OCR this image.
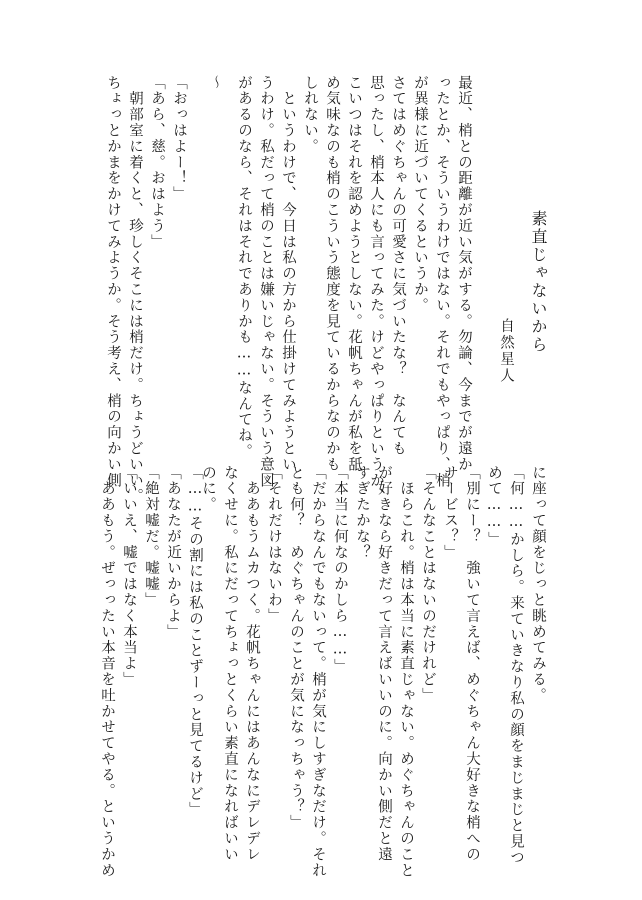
素直じゃないから
自然星人
最近、梢との距離が近い気がする。勿論、今までが遠か
ったとか、そういうわけではない。それでもやっぱり、梢
が異様に近づいてくるというか。
さてはめぐちゃんの可愛さに気づいたな？　なんても
思ったし、梢本人にも言ってみた。けどやっぱりというか、
こいつはそれを認めようとしない。花帆ちゃんが私を舐
め気味なのも梢のこういう態度を見ているからなのかも
しれない。
　というわけで、今日は私の方から仕掛けてみようとい
うわけ。私だって梢のことは嫌いじゃない。そういう意図
があるのなら、それはそれでありかも……なんてね。
〜
「おっはよー！」
「あら、慈。おはよう」
　朝部室に着くと、珍しくそこには梢だけ。ちょうどいい。
ちょっとかまをかけてみようか。そう考え、梢の向かい側
に座って顔をじっと眺めてみる。
「何……かしら。来ていきなり私の顔をまじまじと見つ
めて……」
「別にー？　強いて言えば、めぐちゃん大好きな梢への
サービス？」
「そんなことはないのだけれど」
　ほらこれ。梢は本当に素直じゃない。めぐちゃんのこと
が好きなら好きだって言えばいいのに。向かい側だと遠
すぎたかな？
「本当に何なのかしら……」
「だからなんでもないって。梢が気にしすぎなだけ。それ
とも何？　めぐちゃんのことが気になっちゃう？」
「それだけはないわ」
　ああもうムカつく。花帆ちゃんにはあんなにデレデレ
なくせに。私にだってちょっとくらい素直になればいい
のに。
「……その割には私のことずーっと見てるけど」
「あなたが近いからよ」
「絶対嘘だ。嘘嘘」
「いいえ、嘘ではなく本当よ」
　ああもう。ぜっったい本音を吐かせてやる。というかめ
